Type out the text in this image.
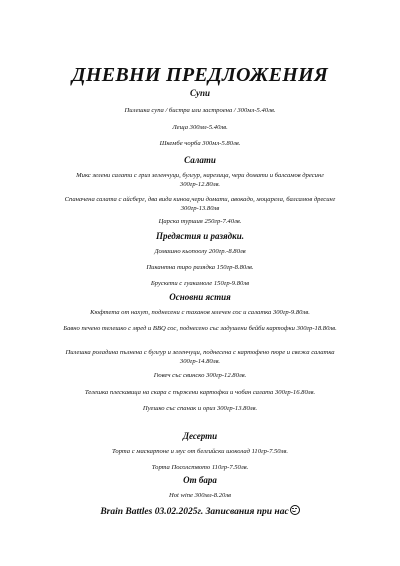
ДНЕВНИ ПРЕДЛОЖЕНИЯ
Супи
Пилешка супа / бистра или застроена / 300мл-5.40лв.
Леща 300мл-5.40лв.
Шкембе чорба 300мл-5.80лв.
Салати
Микс зелени салати с гриз зеленчуци, булгур, нарезица, чери домати и балсамов дресинг 300гр-12.80лв.
Спаначена салата с айсберг, два вида киноа,чери домати, авокадо, моцарела, балсамов дресинг 300гр-13.80лв
Царска туршия 250гр-7.40лв.
Предястия и разядки.
Домашно кьопоолу 200гр.-8.80лв
Пикантна тиро разядка 150гр-8.80лв.
Брускети с гуакамоле 150гр-9.80лв
Основни ястия
Кюфтета от нахут, поднесени с таханов млечен сос и салатка 300гр-9.80лв.
Бавно печено телешко с мред и BBQ сос, поднесено със задушени бейби картофки 300гр-18.80лв.
Пилешка роладина пълнена с булгур и зеленчуци, поднесена с картофено пюре и свежа салатка 300гр-14.80лв.
Гювеч със свинско 300гр-12.80лв.
Телешка плескавица на скара с пържени картофки и чобан салата 300гр-16.80лв.
Пуешко със спанак и ориз 300гр-13.80лв.
Десерти
Торта с маскарпоне и мус от белгийски шоколад 110гр-7.50лв.
Торта Посолството 110гр-7.50лв.
От бара
Hot wine 300мл-8.20лв
Brain Battles 03.02.2025г. Записвания при нас
